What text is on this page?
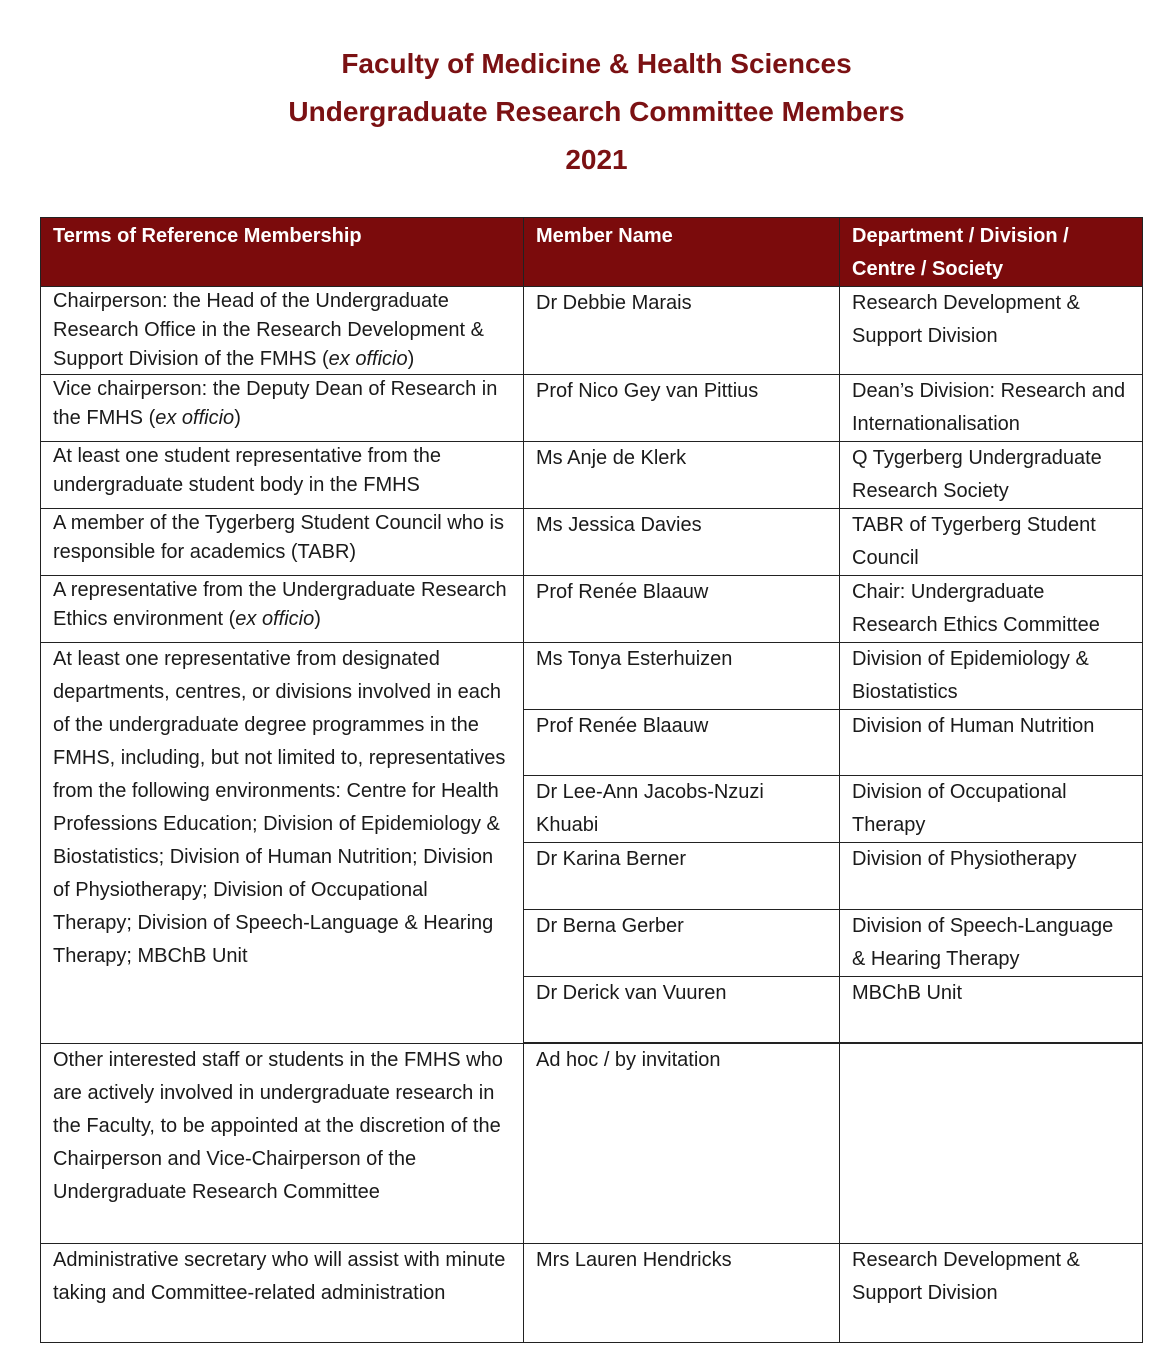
Faculty of Medicine & Health Sciences

Undergraduate Research Committee Members

2021

Terms of Reference Membership	Member Name	Department / Division / Centre / Society
Chairperson: the Head of the Undergraduate Research Office in the Research Development & Support Division of the FMHS (ex officio)	Dr Debbie Marais	Research Development & Support Division
Vice chairperson: the Deputy Dean of Research in the FMHS (ex officio)	Prof Nico Gey van Pittius	Dean’s Division: Research and Internationalisation
At least one student representative from the undergraduate student body in the FMHS	Ms Anje de Klerk	Q Tygerberg Undergraduate Research Society
A member of the Tygerberg Student Council who is responsible for academics (TABR)	Ms Jessica Davies	TABR of Tygerberg Student Council
A representative from the Undergraduate Research Ethics environment (ex officio)	Prof Renée Blaauw	Chair: Undergraduate Research Ethics Committee
At least one representative from designated departments, centres, or divisions involved in each of the undergraduate degree programmes in the FMHS, including, but not limited to, representatives from the following environments: Centre for Health Professions Education; Division of Epidemiology & Biostatistics; Division of Human Nutrition; Division of Physiotherapy; Division of Occupational Therapy; Division of Speech-Language & Hearing Therapy; MBChB Unit	Ms Tonya Esterhuizen	Division of Epidemiology & Biostatistics
	Prof Renée Blaauw	Division of Human Nutrition
	Dr Lee-Ann Jacobs-Nzuzi Khuabi	Division of Occupational Therapy
	Dr Karina Berner	Division of Physiotherapy
	Dr Berna Gerber	Division of Speech-Language & Hearing Therapy
	Dr Derick van Vuuren	MBChB Unit

Other interested staff or students in the FMHS who are actively involved in undergraduate research in the Faculty, to be appointed at the discretion of the Chairperson and Vice-Chairperson of the Undergraduate Research Committee	Ad hoc / by invitation	
Administrative secretary who will assist with minute taking and Committee-related administration	Mrs Lauren Hendricks	Research Development & Support Division
